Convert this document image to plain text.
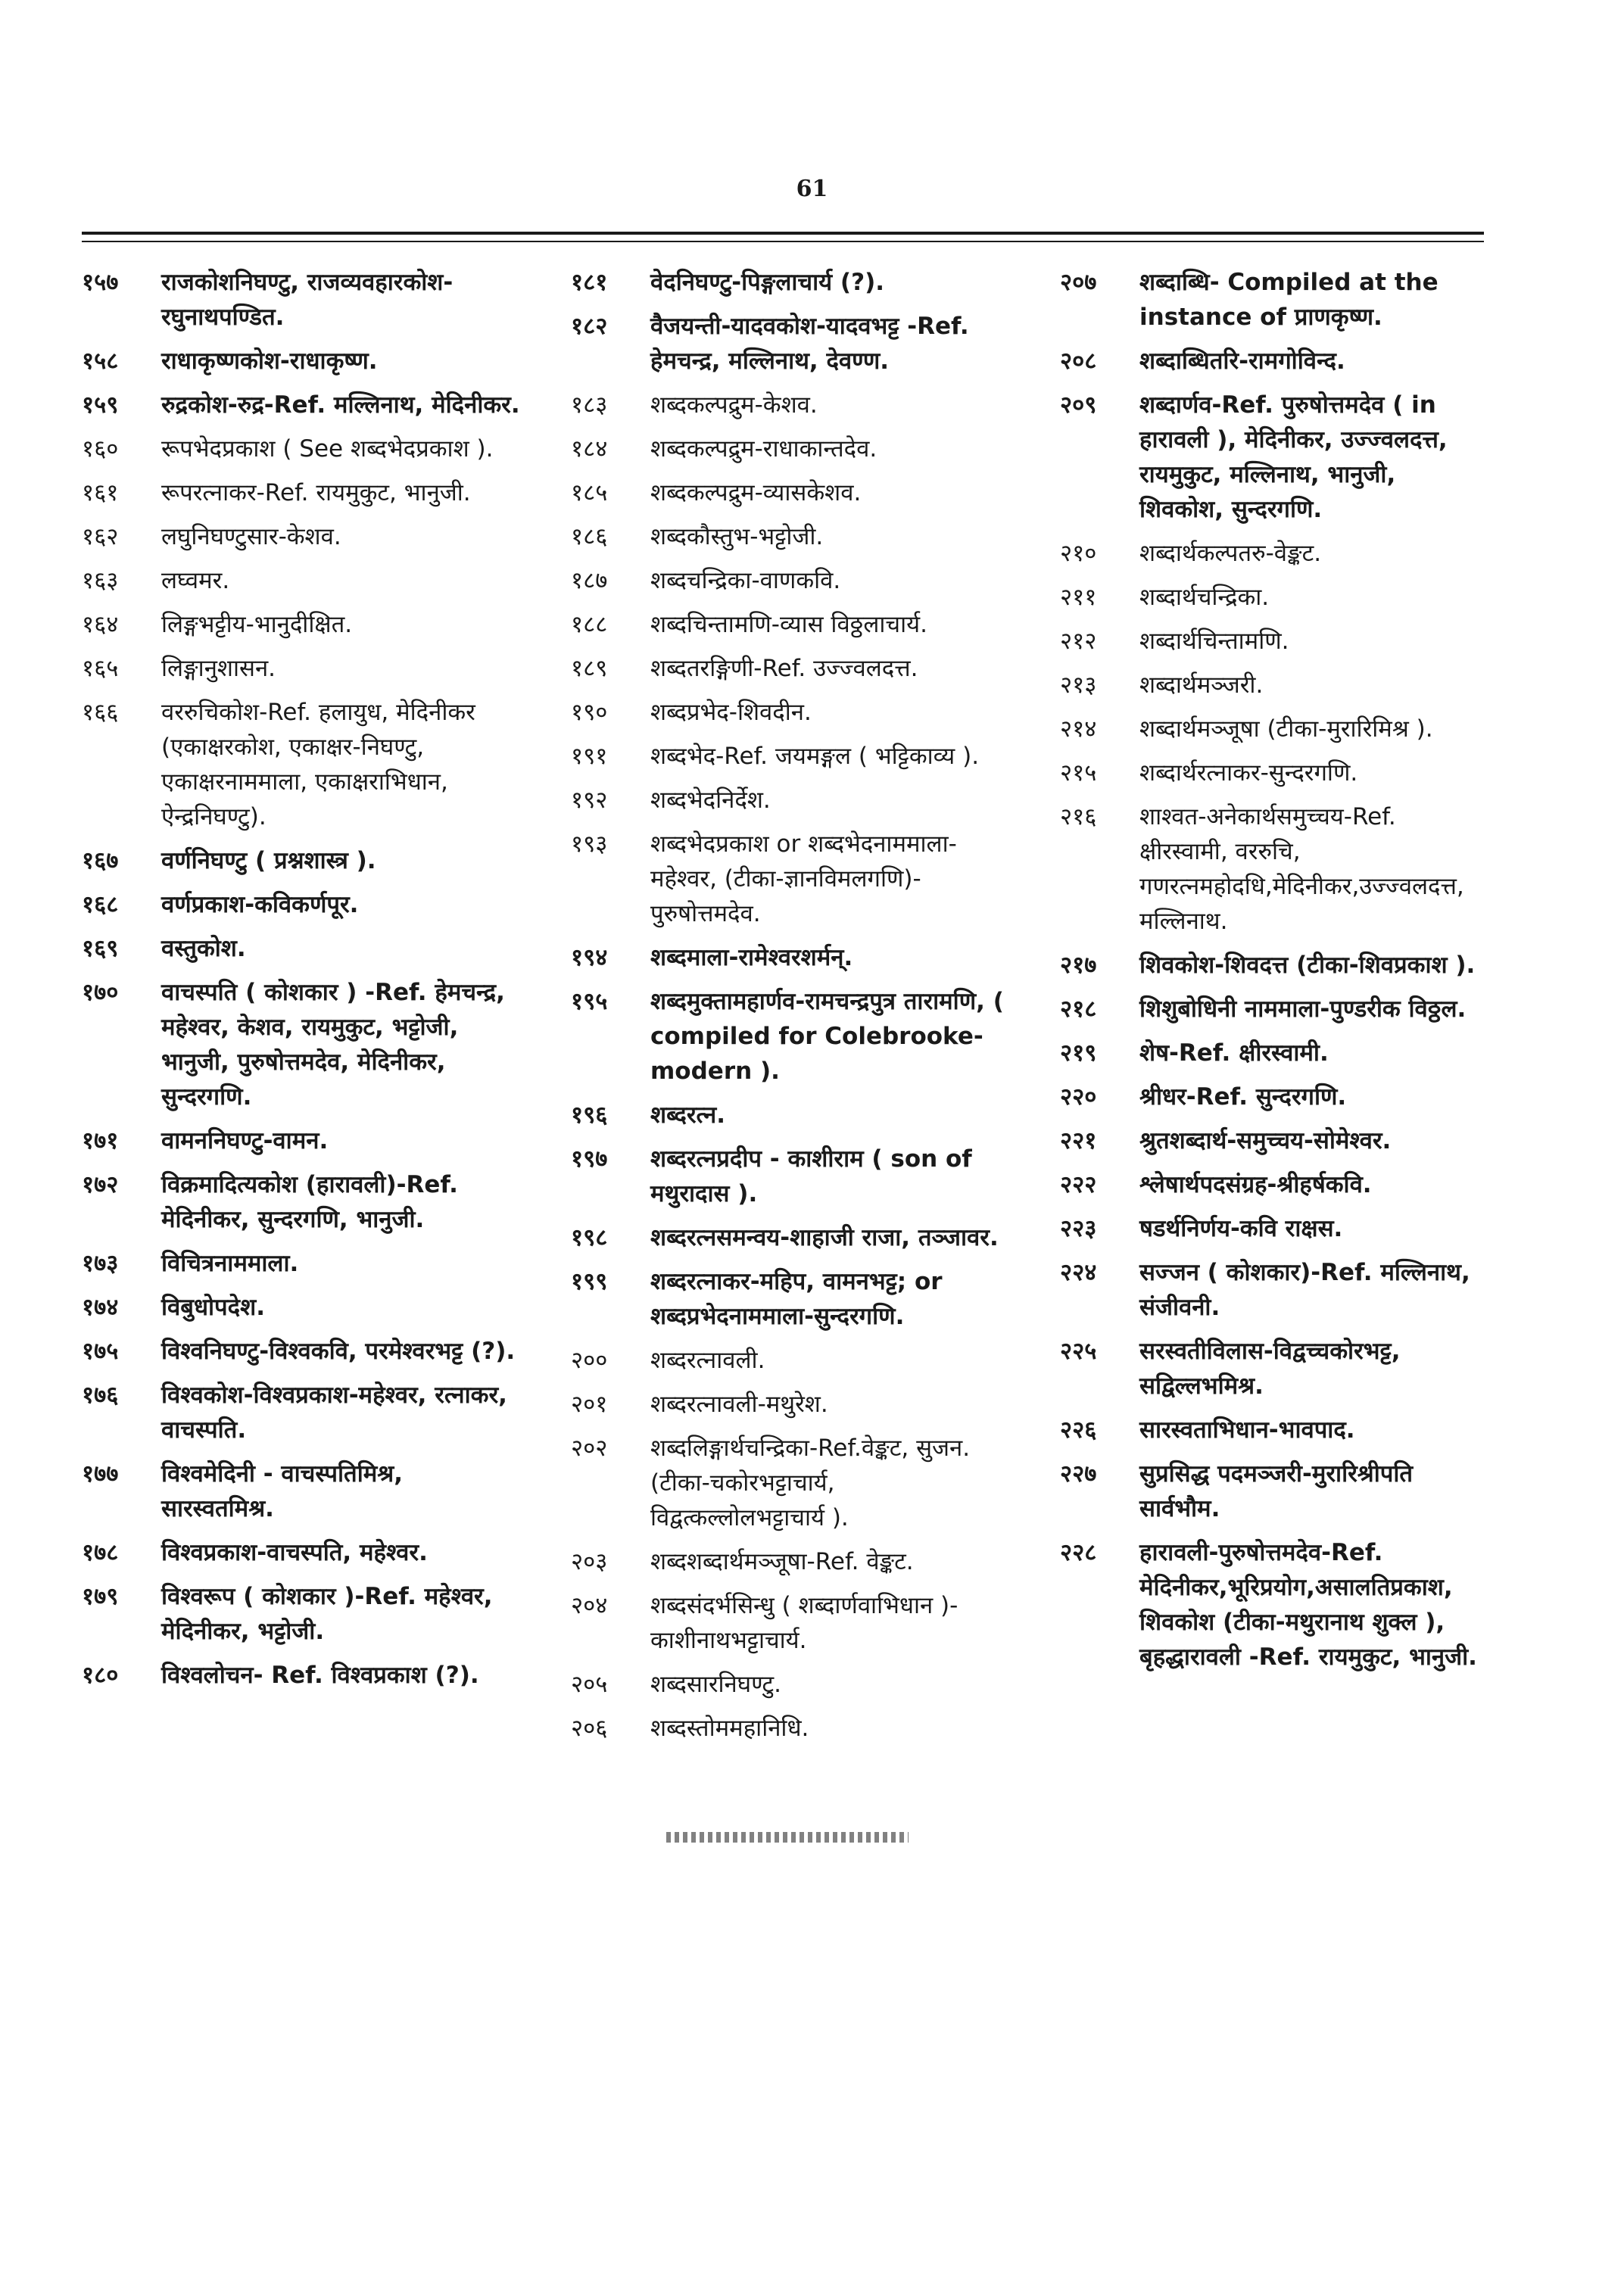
61
१५७ राजकोशनिघण्टु, राजव्यवहारकोश-रघुनाथपण्डित.
१५८ राधाकृष्णकोश-राधाकृष्ण.
१५९ रुद्रकोश-रुद्र-Ref. मल्लिनाथ, मेदिनीकर.
१६० रूपभेदप्रकाश ( See शब्दभेदप्रकाश ).
१६१ रूपरत्नाकर-Ref. रायमुकुट, भानुजी.
१६२ लघुनिघण्टुसार-केशव.
१६३ लघ्वमर.
१६४ लिङ्गभट्टीय-भानुदीक्षित.
१६५ लिङ्गानुशासन.
१६६ वररुचिकोश-Ref. हलायुध, मेदिनीकर (एकाक्षरकोश, एकाक्षर-निघण्टु, एकाक्षरनाममाला, एकाक्षराभिधान, ऐन्द्रनिघण्टु).
१६७ वर्णनिघण्टु ( प्रश्नशास्त्र ).
१६८ वर्णप्रकाश-कविकर्णपूर.
१६९ वस्तुकोश.
१७० वाचस्पति ( कोशकार ) -Ref. हेमचन्द्र, महेश्वर, केशव, रायमुकुट, भट्टोजी, भानुजी, पुरुषोत्तमदेव, मेदिनीकर, सुन्दरगणि.
१७१ वामननिघण्टु-वामन.
१७२ विक्रमादित्यकोश (हारावली)-Ref. मेदिनीकर, सुन्दरगणि, भानुजी.
१७३ विचित्रनाममाला.
१७४ विबुधोपदेश.
१७५ विश्वनिघण्टु-विश्वकवि, परमेश्वरभट्ट (?).
१७६ विश्वकोश-विश्वप्रकाश-महेश्वर, रत्नाकर, वाचस्पति.
१७७ विश्वमेदिनी - वाचस्पतिमिश्र, सारस्वतमिश्र.
१७८ विश्वप्रकाश-वाचस्पति, महेश्वर.
१७९ विश्वरूप ( कोशकार )-Ref. महेश्वर, मेदिनीकर, भट्टोजी.
१८० विश्वलोचन- Ref. विश्वप्रकाश (?).
१८१ वेदनिघण्टु-पिङ्गलाचार्य (?).
१८२ वैजयन्ती-यादवकोश-यादवभट्ट -Ref. हेमचन्द्र, मल्लिनाथ, देवण्ण.
१८३ शब्दकल्पद्रुम-केशव.
१८४ शब्दकल्पद्रुम-राधाकान्तदेव.
१८५ शब्दकल्पद्रुम-व्यासकेशव.
१८६ शब्दकौस्तुभ-भट्टोजी.
१८७ शब्दचन्द्रिका-वाणकवि.
१८८ शब्दचिन्तामणि-व्यास विठ्ठलाचार्य.
१८९ शब्दतरङ्गिणी-Ref. उज्ज्वलदत्त.
१९० शब्दप्रभेद-शिवदीन.
१९१ शब्दभेद-Ref. जयमङ्गल ( भट्टिकाव्य ).
१९२ शब्दभेदनिर्देश.
१९३ शब्दभेदप्रकाश or शब्दभेदनाममाला-महेश्वर, (टीका-ज्ञानविमलगणि)-पुरुषोत्तमदेव.
१९४ शब्दमाला-रामेश्वरशर्मन्.
१९५ शब्दमुक्तामहार्णव-रामचन्द्रपुत्र तारामणि, ( compiled for Colebrooke-modern ).
१९६ शब्दरत्न.
१९७ शब्दरत्नप्रदीप - काशीराम ( son of मथुरादास ).
१९८ शब्दरत्नसमन्वय-शाहाजी राजा, तञ्जावर.
१९९ शब्दरत्नाकर-महिप, वामनभट्ट; or शब्दप्रभेदनाममाला-सुन्दरगणि.
२०० शब्दरत्नावली.
२०१ शब्दरत्नावली-मथुरेश.
२०२ शब्दलिङ्गार्थचन्द्रिका-Ref.वेङ्कट, सुजन. (टीका-चकोरभट्टाचार्य, विद्वत्कल्लोलभट्टाचार्य ).
२०३ शब्दशब्दार्थमञ्जूषा-Ref. वेङ्कट.
२०४ शब्दसंदर्भसिन्धु ( शब्दार्णवाभिधान )-काशीनाथभट्टाचार्य.
२०५ शब्दसारनिघण्टु.
२०६ शब्दस्तोममहानिधि.
२०७ शब्दाब्धि- Compiled at the instance of प्राणकृष्ण.
२०८ शब्दाब्धितरि-रामगोविन्द.
२०९ शब्दार्णव-Ref. पुरुषोत्तमदेव ( in हारावली ), मेदिनीकर, उज्ज्वलदत्त, रायमुकुट, मल्लिनाथ, भानुजी, शिवकोश, सुन्दरगणि.
२१० शब्दार्थकल्पतरु-वेङ्कट.
२११ शब्दार्थचन्द्रिका.
२१२ शब्दार्थचिन्तामणि.
२१३ शब्दार्थमञ्जरी.
२१४ शब्दार्थमञ्जूषा (टीका-मुरारिमिश्र ).
२१५ शब्दार्थरत्नाकर-सुन्दरगणि.
२१६ शाश्वत-अनेकार्थसमुच्चय-Ref. क्षीरस्वामी, वररुचि, गणरत्नमहोदधि,मेदिनीकर,उज्ज्वलदत्त, मल्लिनाथ.
२१७ शिवकोश-शिवदत्त (टीका-शिवप्रकाश ).
२१८ शिशुबोधिनी नाममाला-पुण्डरीक विठ्ठल.
२१९ शेष-Ref. क्षीरस्वामी.
२२० श्रीधर-Ref. सुन्दरगणि.
२२१ श्रुतशब्दार्थ-समुच्चय-सोमेश्वर.
२२२ श्लेषार्थपदसंग्रह-श्रीहर्षकवि.
२२३ षडर्थनिर्णय-कवि राक्षस.
२२४ सज्जन ( कोशकार)-Ref. मल्लिनाथ, संजीवनी.
२२५ सरस्वतीविलास-विद्वच्चकोरभट्ट, सद्विल्लभमिश्र.
२२६ सारस्वताभिधान-भावपाद.
२२७ सुप्रसिद्ध पदमञ्जरी-मुरारिश्रीपति सार्वभौम.
२२८ हारावली-पुरुषोत्तमदेव-Ref. मेदिनीकर,भूरिप्रयोग,असालतिप्रकाश, शिवकोश (टीका-मथुरानाथ शुक्ल ), बृहद्धारावली -Ref. रायमुकुट, भानुजी.
